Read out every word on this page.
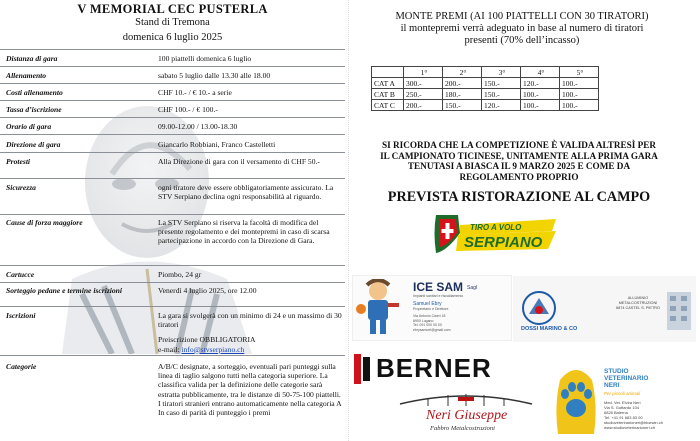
V MEMORIAL CEC PUSTERLA
Stand di Tremona
domenica 6 luglio 2025
Distanza di gara	100 piattelli domenica 6 luglio
Allenamento	sabato 5 luglio dalle 13.30 alle 18.00
Costi allenamento	CHF 10.- / € 10.- a serie
Tassa d’iscrizione	CHF 100.- / € 100.-
Orario di gara	09.00-12.00 / 13.00-18.30
Direzione di gara	Giancarlo Robbiani, Franco Castelletti
Protesti	Alla Direzione di gara con il versamento di CHF 50.-
Sicurezza	ogni tiratore deve essere obbligatoriamente assicurato. La STV Serpiano declina ogni responsabilità al riguardo.
Cause di forza maggiore	La STV Serpiano si riserva la facoltà di modifica del presente regolamento e dei montepremi in caso di scarsa partecipazione in accordo con la Direzione di Gara.
Cartucce	Piombo, 24 gr
Sorteggio pedane e termine iscrizioni	Venerdì 4 luglio 2025, ore 12.00
Iscrizioni	La gara si svolgerà con un minimo di 24 e un massimo di 30 tiratori
Preiscrizione OBBLIGATORIA
e-mail: info@stvserpiano.ch
Categorie	A/B/C designate, a sorteggio, eventuali pari punteggi sulla linea di taglio salgono tutti nella categoria superiore. La classifica valida per la definizione delle categorie sarà estratta pubblicamente, tra le distanze di 50-75-100 piattelli. I tiratori stranieri entrano automaticamente nella categoria A In caso di parità di punteggio i premi
MONTE PREMI (AI 100 PIATTELLI CON 30 TIRATORI)
il montepremi verrà adeguato in base al numero di tiratori
presenti (70% dell’incasso)
	1°	2°	3°	4°	5°
CAT A	300.-	200.-	150.-	120.-	100.-
CAT B	250.-	180.-	150.-	100.-	100.-
CAT C	200.-	150.-	120.-	100.-	100.-
SI RICORDA CHE LA COMPETIZIONE È VALIDA ALTRESÌ PER
IL CAMPIONATO TICINESE, UNITAMENTE ALLA PRIMA GARA
TENUTASI A BIASCA IL 9 MARZO 2025 E COME DA
REGOLAMENTO PROPRIO
PREVISTA RISTORAZIONE AL CAMPO
TIRO A VOLO
SERPIANO
ICE SAM Sagl
Impianti sanitari e riscaldamento
Samuel Ebry
Proprietario e Direttore
Via Antonio Ciseri 18
6900 Lugano
Tel. 091 000 00 00
ebrysamuel@gmail.com	DOSSI MARINO & CO
ALLUMINIO
METALCOSTRUZIONI
6874 CASTEL S. PIETRO
BERNER
Neri Giuseppe
Fabbro Metalcostruzioni
STUDIO
VETERINARIO
NERI
Per piccoli animali
Med. Vet. Elvira Neri
Via S. Gottardo 104
6828 Balerna
Tel. +41 91 683 83 00
studioveterinarioneri@bluewin.ch
www.studioveterinarioneri.ch
